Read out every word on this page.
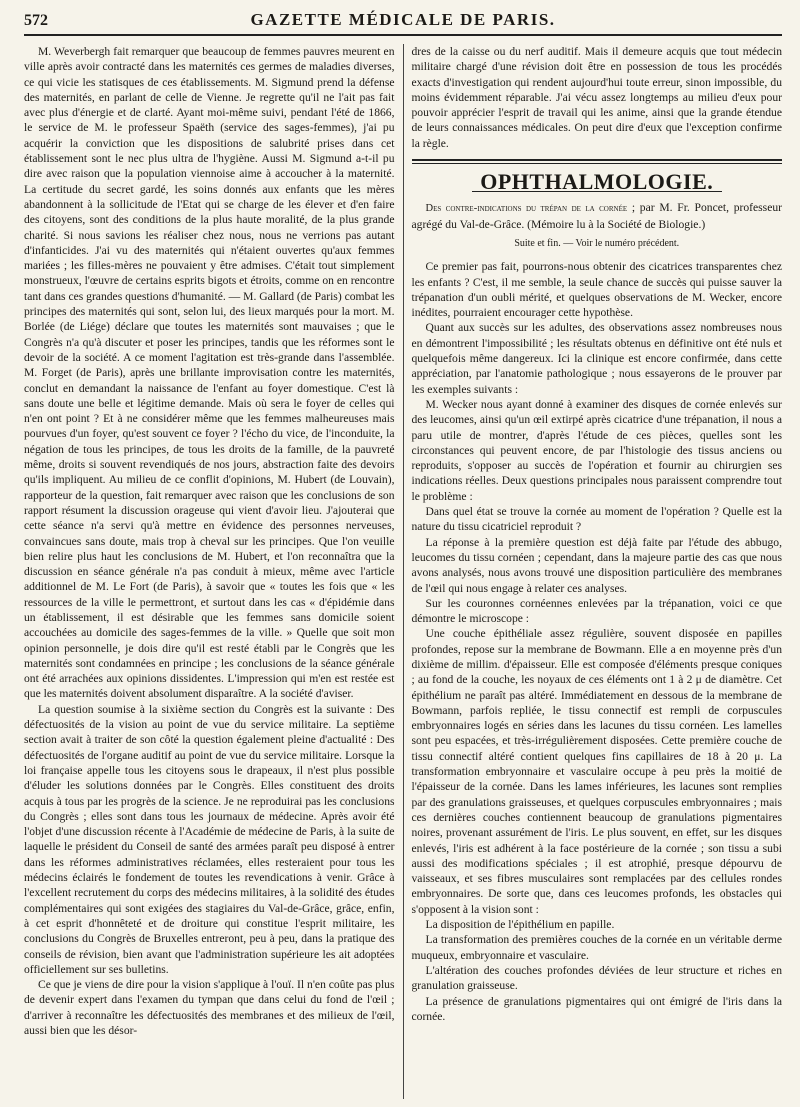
572	GAZETTE MÉDICALE DE PARIS.

M. Weverbergh fait remarquer que beaucoup de femmes pauvres meurent en ville après avoir contracté dans les maternités ces germes de maladies diverses, ce qui vicie les statisques de ces établissements. M. Sigmund prend la défense des maternités, en parlant de celle de Vienne. Je regrette qu'il ne l'ait pas fait avec plus d'énergie et de clarté. Ayant moi-même suivi, pendant l'été de 1866, le service de M. le professeur Spaëth (service des sages-femmes), j'ai pu acquérir la conviction que les dispositions de salubrité prises dans cet établissement sont le nec plus ultra de l'hygiène. Aussi M. Sigmund a-t-il pu dire avec raison que la population viennoise aime à accoucher à la maternité. La certitude du secret gardé, les soins donnés aux enfants que les mères abandonnent à la sollicitude de l'Etat qui se charge de les élever et d'en faire des citoyens, sont des conditions de la plus haute moralité, de la plus grande charité. Si nous savions les réaliser chez nous, nous ne verrions pas autant d'infanticides. J'ai vu des maternités qui n'étaient ouvertes qu'aux femmes mariées ; les filles-mères ne pouvaient y être admises. C'était tout simplement monstrueux, l'œuvre de certains esprits bigots et étroits, comme on en rencontre tant dans ces grandes questions d'humanité. — M. Gallard (de Paris) combat les principes des maternités qui sont, selon lui, des lieux marqués pour la mort. M. Borlée (de Liége) déclare que toutes les maternités sont mauvaises ; que le Congrès n'a qu'à discuter et poser les principes, tandis que les réformes sont le devoir de la société. A ce moment l'agitation est très-grande dans l'assemblée. M. Forget (de Paris), après une brillante improvisation contre les maternités, conclut en demandant la naissance de l'enfant au foyer domestique. C'est là sans doute une belle et légitime demande. Mais où sera le foyer de celles qui n'en ont point ? Et à ne considérer même que les femmes malheureuses mais pourvues d'un foyer, qu'est souvent ce foyer ? l'écho du vice, de l'inconduite, la négation de tous les principes, de tous les droits de la famille, de la pauvreté même, droits si souvent revendiqués de nos jours, abstraction faite des devoirs qu'ils impliquent. Au milieu de ce conflit d'opinions, M. Hubert (de Louvain), rapporteur de la question, fait remarquer avec raison que les conclusions de son rapport résument la discussion orageuse qui vient d'avoir lieu. J'ajouterai que cette séance n'a servi qu'à mettre en évidence des personnes nerveuses, convaincues sans doute, mais trop à cheval sur les principes. Que l'on veuille bien relire plus haut les conclusions de M. Hubert, et l'on reconnaîtra que la discussion en séance générale n'a pas conduit à mieux, même avec l'article additionnel de M. Le Fort (de Paris), à savoir que « toutes les fois que « les ressources de la ville le permettront, et surtout dans les cas « d'épidémie dans un établissement, il est désirable que les femmes sans domicile soient accouchées au domicile des sages-femmes de la ville. » Quelle que soit mon opinion personnelle, je dois dire qu'il est resté établi par le Congrès que les maternités sont condamnées en principe ; les conclusions de la séance générale ont été arrachées aux opinions dissidentes. L'impression qui m'en est restée est que les maternités doivent absolument disparaître. A la société d'aviser.

La question soumise à la sixième section du Congrès est la suivante : Des défectuosités de la vision au point de vue du service militaire. La septième section avait à traiter de son côté la question également pleine d'actualité : Des défectuosités de l'organe auditif au point de vue du service militaire. Lorsque la loi française appelle tous les citoyens sous le drapeaux, il n'est plus possible d'éluder les solutions données par le Congrès. Elles constituent des droits acquis à tous par les progrès de la science. Je ne reproduirai pas les conclusions du Congrès ; elles sont dans tous les journaux de médecine. Après avoir été l'objet d'une discussion récente à l'Académie de médecine de Paris, à la suite de laquelle le président du Conseil de santé des armées paraît peu disposé à entrer dans les réformes administratives réclamées, elles resteraient pour tous les médecins éclairés le fondement de toutes les revendications à venir. Grâce à l'excellent recrutement du corps des médecins militaires, à la solidité des études complémentaires qui sont exigées des stagiaires du Val-de-Grâce, grâce, enfin, à cet esprit d'honnêteté et de droiture qui constitue l'esprit militaire, les conclusions du Congrès de Bruxelles entreront, peu à peu, dans la pratique des conseils de révision, bien avant que l'administration supérieure les ait adoptées officiellement sur ses bulletins.

Ce que je viens de dire pour la vision s'applique à l'ouï. Il n'en coûte pas plus de devenir expert dans l'examen du tympan que dans celui du fond de l'œil ; d'arriver à reconnaître les défectuosités des membranes et des milieux de l'œil, aussi bien que les désor-

dres de la caisse ou du nerf auditif. Mais il demeure acquis que tout médecin militaire chargé d'une révision doit être en possession de tous les procédés exacts d'investigation qui rendent aujourd'hui toute erreur, sinon impossible, du moins évidemment réparable. J'ai vécu assez longtemps au milieu d'eux pour pouvoir apprécier l'esprit de travail qui les anime, ainsi que la grande étendue de leurs connaissances médicales. On peut dire d'eux que l'exception confirme la règle.

OPHTHALMOLOGIE.
Des contre-indications du trépan de la cornée ; par M. Fr. Poncet, professeur agrégé du Val-de-Grâce. (Mémoire lu à la Société de Biologie.)
Suite et fin. — Voir le numéro précédent.

Ce premier pas fait, pourrons-nous obtenir des cicatrices transparentes chez les enfants ? C'est, il me semble, la seule chance de succès qui puisse sauver la trépanation d'un oubli mérité, et quelques observations de M. Wecker, encore inédites, pourraient encourager cette hypothèse.

Quant aux succès sur les adultes, des observations assez nombreuses nous en démontrent l'impossibilité ; les résultats obtenus en définitive ont été nuls et quelquefois même dangereux. Ici la clinique est encore confirmée, dans cette appréciation, par l'anatomie pathologique ; nous essayerons de le prouver par les exemples suivants :

M. Wecker nous ayant donné à examiner des disques de cornée enlevés sur des leucomes, ainsi qu'un œil extirpé après cicatrice d'une trépanation, il nous a paru utile de montrer, d'après l'étude de ces pièces, quelles sont les circonstances qui peuvent encore, de par l'histologie des tissus anciens ou reproduits, s'opposer au succès de l'opération et fournir au chirurgien ses indications réelles. Deux questions principales nous paraissent comprendre tout le problème :

Dans quel état se trouve la cornée au moment de l'opération ? Quelle est la nature du tissu cicatriciel reproduit ?

La réponse à la première question est déjà faite par l'étude des abbugo, leucomes du tissu cornéen ; cependant, dans la majeure partie des cas que nous avons analysés, nous avons trouvé une disposition particulière des membranes de l'œil qui nous engage à relater ces analyses.

Sur les couronnes cornéennes enlevées par la trépanation, voici ce que démontre le microscope :

Une couche épithéliale assez régulière, souvent disposée en papilles profondes, repose sur la membrane de Bowmann. Elle a en moyenne près d'un dixième de millim. d'épaisseur. Elle est composée d'éléments presque coniques ; au fond de la couche, les noyaux de ces éléments ont 1 à 2 μ de diamètre. Cet épithélium ne paraît pas altéré. Immédiatement en dessous de la membrane de Bowmann, parfois repliée, le tissu connectif est rempli de corpuscules embryonnaires logés en séries dans les lacunes du tissu cornéen. Les lamelles sont peu espacées, et très-irrégulièrement disposées. Cette première couche de tissu connectif altéré contient quelques fins capillaires de 18 à 20 μ. La transformation embryonnaire et vasculaire occupe à peu près la moitié de l'épaisseur de la cornée. Dans les lames inférieures, les lacunes sont remplies par des granulations graisseuses, et quelques corpuscules embryonnaires ; mais ces dernières couches contiennent beaucoup de granulations pigmentaires noires, provenant assurément de l'iris. Le plus souvent, en effet, sur les disques enlevés, l'iris est adhérent à la face postérieure de la cornée ; son tissu a subi aussi des modifications spéciales ; il est atrophié, presque dépourvu de vaisseaux, et ses fibres musculaires sont remplacées par des cellules rondes embryonnaires. De sorte que, dans ces leucomes profonds, les obstacles qui s'opposent à la vision sont :

La disposition de l'épithélium en papille.

La transformation des premières couches de la cornée en un véritable derme muqueux, embryonnaire et vasculaire.

L'altération des couches profondes déviées de leur structure et riches en granulation graisseuse.

La présence de granulations pigmentaires qui ont émigré de l'iris dans la cornée.
